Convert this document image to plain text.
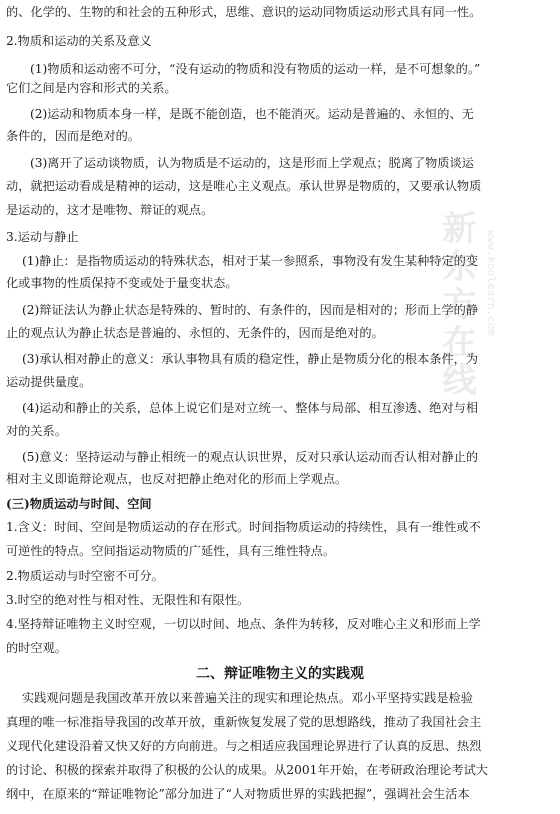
新东方在线 www.koolearn.com
的、化学的、生物的和社会的五种形式，思维、意识的运动同物质运动形式具有同一性。
2.物质和运动的关系及意义
(1)物质和运动密不可分，“没有运动的物质和没有物质的运动一样，是不可想象的。”
它们之间是内容和形式的关系。
(2)运动和物质本身一样，是既不能创造，也不能消灭。运动是普遍的、永恒的、无
条件的，因而是绝对的。
(3)离开了运动谈物质，认为物质是不运动的，这是形而上学观点；脱离了物质谈运
动，就把运动看成是精神的运动，这是唯心主义观点。承认世界是物质的，又要承认物质
是运动的，这才是唯物、辩证的观点。
3.运动与静止
(1)静止：是指物质运动的特殊状态，相对于某一参照系，事物没有发生某种特定的变
化或事物的性质保持不变或处于量变状态。
(2)辩证法认为静止状态是特殊的、暂时的、有条件的，因而是相对的；形而上学的静
止的观点认为静止状态是普遍的、永恒的、无条件的，因而是绝对的。
(3)承认相对静止的意义：承认事物具有质的稳定性，静止是物质分化的根本条件，为
运动提供量度。
(4)运动和静止的关系，总体上说它们是对立统一、整体与局部、相互渗透、绝对与相
对的关系。
(5)意义：坚持运动与静止相统一的观点认识世界，反对只承认运动而否认相对静止的
相对主义即诡辩论观点，也反对把静止绝对化的形而上学观点。
(三)物质运动与时间、空间
1.含义：时间、空间是物质运动的存在形式。时间指物质运动的持续性，具有一维性或不
可逆性的特点。空间指运动物质的广延性，具有三维性特点。
2.物质运动与时空密不可分。
3.时空的绝对性与相对性、无限性和有限性。
4.坚持辩证唯物主义时空观，一切以时间、地点、条件为转移，反对唯心主义和形而上学
的时空观。
二、辩证唯物主义的实践观
实践观问题是我国改革开放以来普遍关注的现实和理论热点。邓小平坚持实践是检验
真理的唯一标准指导我国的改革开放，重新恢复发展了党的思想路线，推动了我国社会主
义现代化建设沿着又快又好的方向前进。与之相适应我国理论界进行了认真的反思、热烈
的讨论、积极的探索并取得了积极的公认的成果。从2001年开始，在考研政治理论考试大
纲中，在原来的“辩证唯物论”部分加进了“人对物质世界的实践把握”，强调社会生活本
